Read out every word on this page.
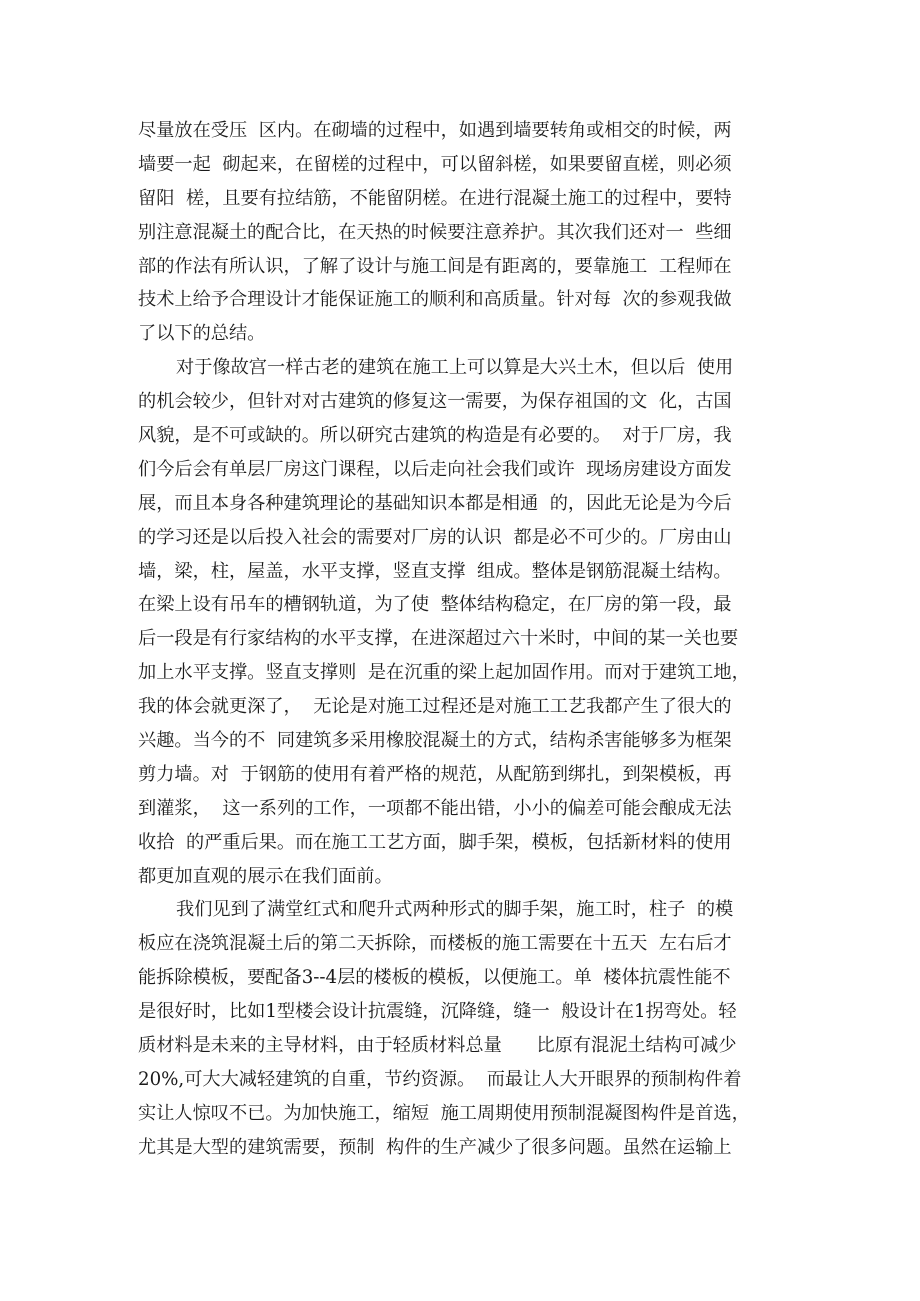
尽量放在受压  区内。在砌墙的过程中，如遇到墙要转角或相交的时候，两
墙要一起  砌起来，在留槎的过程中，可以留斜槎，如果要留直槎，则必须
留阳  槎，且要有拉结筋，不能留阴槎。在进行混凝土施工的过程中，要特
别注意混凝土的配合比，在天热的时候要注意养护。其次我们还对一  些细
部的作法有所认识，了解了设计与施工间是有距离的，要靠施工  工程师在
技术上给予合理设计才能保证施工的顺利和高质量。针对每  次的参观我做
了以下的总结。
对于像故宫一样古老的建筑在施工上可以算是大兴土木，但以后  使用
的机会较少，但针对对古建筑的修复这一需要，为保存祖国的文  化，古国
风貌，是不可或缺的。所以研究古建筑的构造是有必要的。  对于厂房，我
们今后会有单层厂房这门课程，以后走向社会我们或许  现场房建设方面发
展，而且本身各种建筑理论的基础知识本都是相通  的，因此无论是为今后
的学习还是以后投入社会的需要对厂房的认识  都是必不可少的。厂房由山
墙，梁，柱，屋盖，水平支撑，竖直支撑  组成。整体是钢筋混凝土结构。
在梁上设有吊车的槽钢轨道，为了使  整体结构稳定，在厂房的第一段，最
后一段是有行家结构的水平支撑，在进深超过六十米时，中间的某一关也要
加上水平支撑。竖直支撑则  是在沉重的梁上起加固作用。而对于建筑工地，
我的体会就更深了，  无论是对施工过程还是对施工工艺我都产生了很大的
兴趣。当今的不  同建筑多采用橡胶混凝土的方式，结构杀害能够多为框架
剪力墙。对  于钢筋的使用有着严格的规范，从配筋到绑扎，到架模板，再
到灌浆，  这一系列的工作，一项都不能出错，小小的偏差可能会酿成无法
收拾  的严重后果。而在施工工艺方面，脚手架，模板，包括新材料的使用
都更加直观的展示在我们面前。
我们见到了满堂红式和爬升式两种形式的脚手架，施工时，柱子  的模
板应在浇筑混凝土后的第二天拆除，而楼板的施工需要在十五天  左右后才
能拆除模板，要配备3--4层的楼板的模板，以便施工。单  楼体抗震性能不
是很好时，比如1型楼会设计抗震缝，沉降缝，缝一  般设计在1拐弯处。轻
质材料是未来的主导材料，由于轻质材料总量      比原有混泥土结构可减少
20%,可大大减轻建筑的自重，节约资源。  而最让人大开眼界的预制构件着
实让人惊叹不已。为加快施工，缩短  施工周期使用预制混凝图构件是首选，
尤其是大型的建筑需要，预制  构件的生产减少了很多问题。虽然在运输上
